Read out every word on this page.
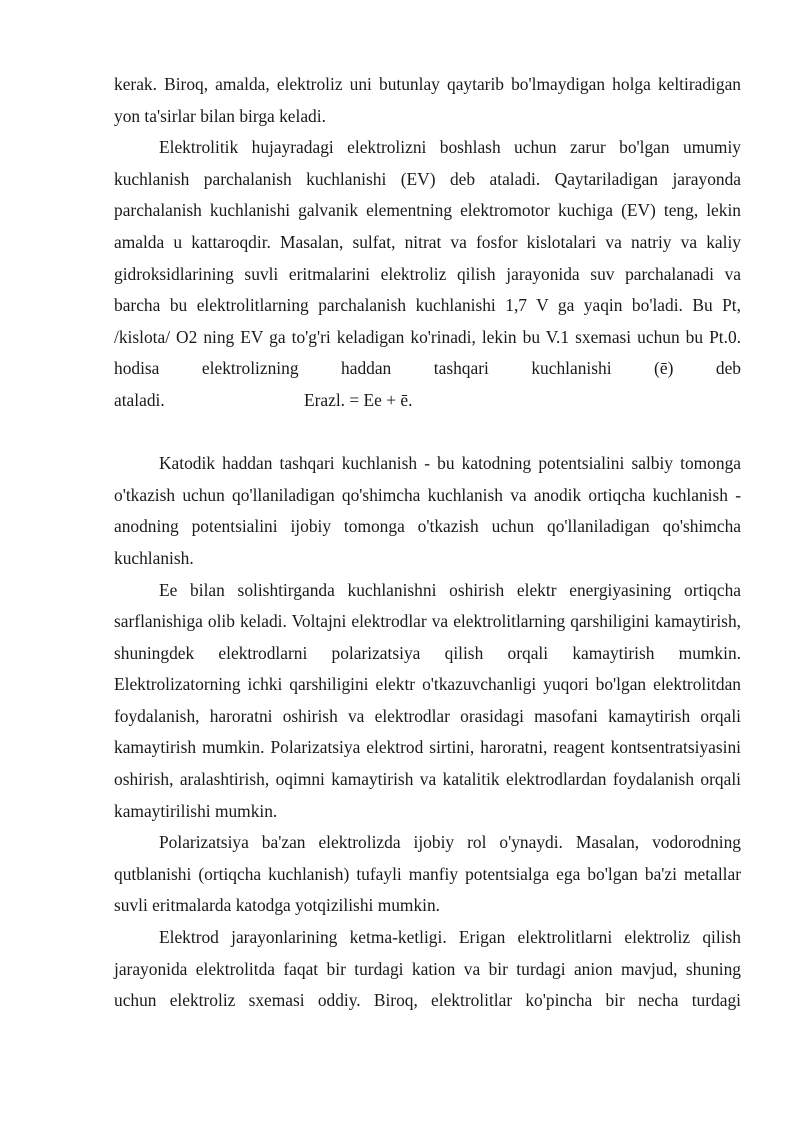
kerak. Biroq, amalda, elektroliz uni butunlay qaytarib bo'lmaydigan holga keltiradigan yon ta'sirlar bilan birga keladi.

Elektrolitik hujayradagi elektrolizni boshlash uchun zarur bo'lgan umumiy kuchlanish parchalanish kuchlanishi (EV) deb ataladi. Qaytariladigan jarayonda parchalanish kuchlanishi galvanik elementning elektromotor kuchiga (EV) teng, lekin amalda u kattaroqdir. Masalan, sulfat, nitrat va fosfor kislotalari va natriy va kaliy gidroksidlarining suvli eritmalarini elektroliz qilish jarayonida suv parchalanadi va barcha bu elektrolitlarning parchalanish kuchlanishi 1,7 V ga yaqin bo'ladi. Bu Pt, /kislota/ O2 ning EV ga to'g'ri keladigan ko'rinadi, lekin bu V.1 sxemasi uchun bu Pt.0. hodisa elektrolizning haddan tashqari kuchlanishi (ē) deb

ataladi.	Erazl. = Ee + ē.

Katodik haddan tashqari kuchlanish - bu katodning potentsialini salbiy tomonga o'tkazish uchun qo'llaniladigan qo'shimcha kuchlanish va anodik ortiqcha kuchlanish - anodning potentsialini ijobiy tomonga o'tkazish uchun qo'llaniladigan qo'shimcha kuchlanish.

Ee bilan solishtirganda kuchlanishni oshirish elektr energiyasining ortiqcha sarflanishiga olib keladi. Voltajni elektrodlar va elektrolitlarning qarshiligini kamaytirish, shuningdek elektrodlarni polarizatsiya qilish orqali kamaytirish mumkin. Elektrolizatorning ichki qarshiligini elektr o'tkazuvchanligi yuqori bo'lgan elektrolitdan foydalanish, haroratni oshirish va elektrodlar orasidagi masofani kamaytirish orqali kamaytirish mumkin. Polarizatsiya elektrod sirtini, haroratni, reagent kontsentratsiyasini oshirish, aralashtirish, oqimni kamaytirish va katalitik elektrodlardan foydalanish orqali kamaytirilishi mumkin.

Polarizatsiya ba'zan elektrolizda ijobiy rol o'ynaydi. Masalan, vodorodning qutblanishi (ortiqcha kuchlanish) tufayli manfiy potentsialga ega bo'lgan ba'zi metallar suvli eritmalarda katodga yotqizilishi mumkin.

Elektrod jarayonlarining ketma-ketligi. Erigan elektrolitlarni elektroliz qilish jarayonida elektrolitda faqat bir turdagi kation va bir turdagi anion mavjud, shuning uchun elektroliz sxemasi oddiy. Biroq, elektrolitlar ko'pincha bir necha turdagi
